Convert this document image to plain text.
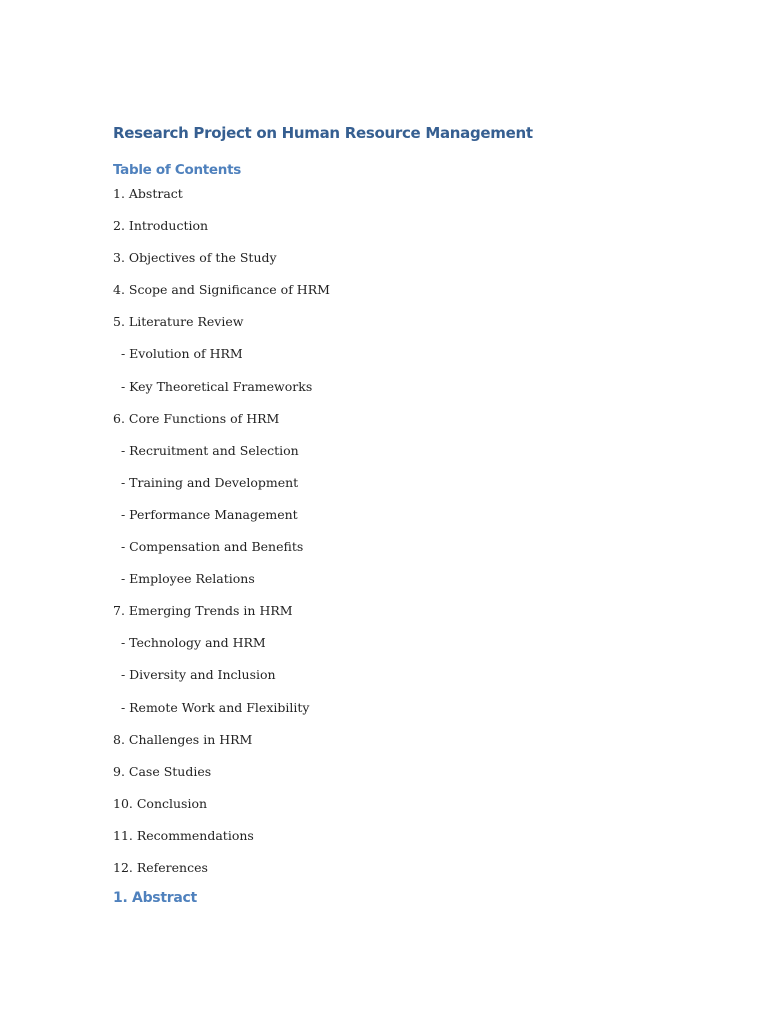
Research Project on Human Resource Management
Table of Contents
1. Abstract
2. Introduction
3. Objectives of the Study
4. Scope and Significance of HRM
5. Literature Review
- Evolution of HRM
- Key Theoretical Frameworks
6. Core Functions of HRM
- Recruitment and Selection
- Training and Development
- Performance Management
- Compensation and Benefits
- Employee Relations
7. Emerging Trends in HRM
- Technology and HRM
- Diversity and Inclusion
- Remote Work and Flexibility
8. Challenges in HRM
9. Case Studies
10. Conclusion
11. Recommendations
12. References
1. Abstract
